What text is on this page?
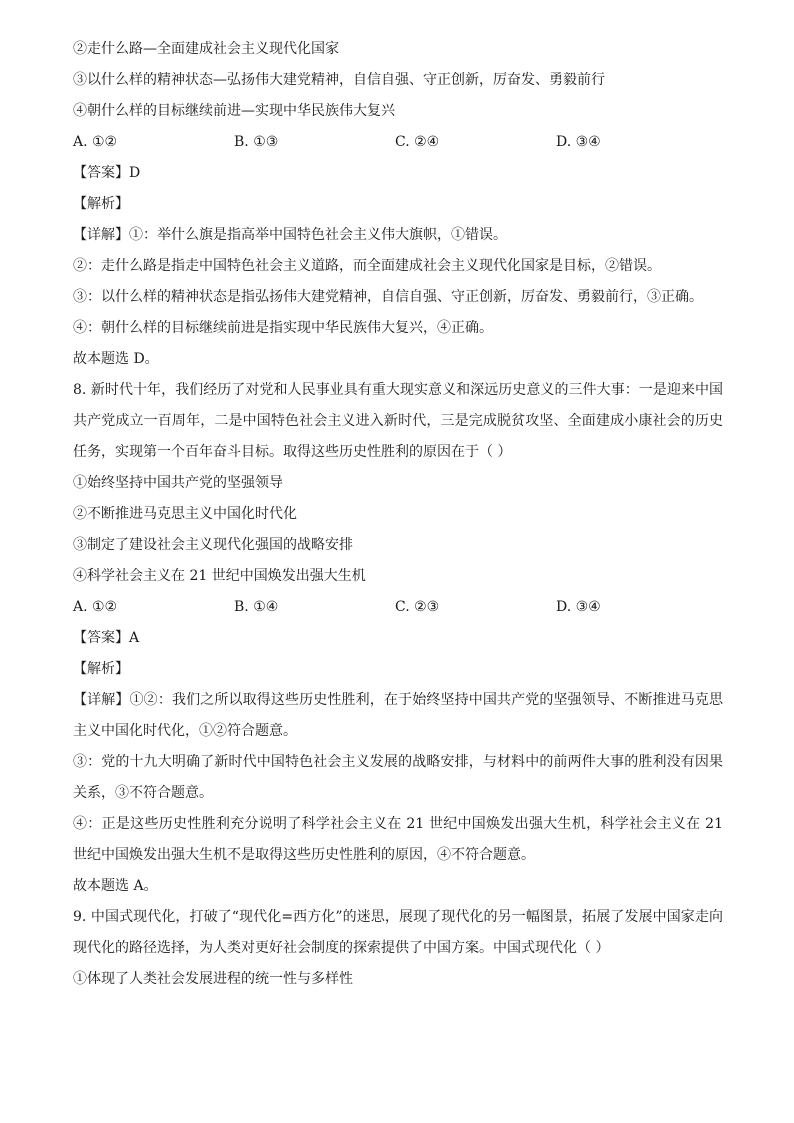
②走什么路—全面建成社会主义现代化国家
③以什么样的精神状态—弘扬伟大建党精神，自信自强、守正创新，厉奋发、勇毅前行
④朝什么样的目标继续前进—实现中华民族伟大复兴
A. ①②	B. ①③	C. ②④	D. ③④
【答案】D
【解析】
【详解】①：举什么旗是指高举中国特色社会主义伟大旗帜，①错误。
②：走什么路是指走中国特色社会主义道路，而全面建成社会主义现代化国家是目标，②错误。
③：以什么样的精神状态是指弘扬伟大建党精神，自信自强、守正创新，厉奋发、勇毅前行，③正确。
④：朝什么样的目标继续前进是指实现中华民族伟大复兴，④正确。
故本题选 D。
8. 新时代十年，我们经历了对党和人民事业具有重大现实意义和深远历史意义的三件大事：一是迎来中国共产党成立一百周年，二是中国特色社会主义进入新时代，三是完成脱贫攻坚、全面建成小康社会的历史任务，实现第一个百年奋斗目标。取得这些历史性胜利的原因在于（ ）
①始终坚持中国共产党的坚强领导
②不断推进马克思主义中国化时代化
③制定了建设社会主义现代化强国的战略安排
④科学社会主义在 21 世纪中国焕发出强大生机
A. ①②	B. ①④	C. ②③	D. ③④
【答案】A
【解析】
【详解】①②：我们之所以取得这些历史性胜利，在于始终坚持中国共产党的坚强领导、不断推进马克思主义中国化时代化，①②符合题意。
③：党的十九大明确了新时代中国特色社会主义发展的战略安排，与材料中的前两件大事的胜利没有因果关系，③不符合题意。
④：正是这些历史性胜利充分说明了科学社会主义在 21 世纪中国焕发出强大生机，科学社会主义在 21 世纪中国焕发出强大生机不是取得这些历史性胜利的原因，④不符合题意。
故本题选 A。
9. 中国式现代化，打破了“现代化=西方化”的迷思，展现了现代化的另一幅图景，拓展了发展中国家走向现代化的路径选择，为人类对更好社会制度的探索提供了中国方案。中国式现代化（ ）
①体现了人类社会发展进程的统一性与多样性
